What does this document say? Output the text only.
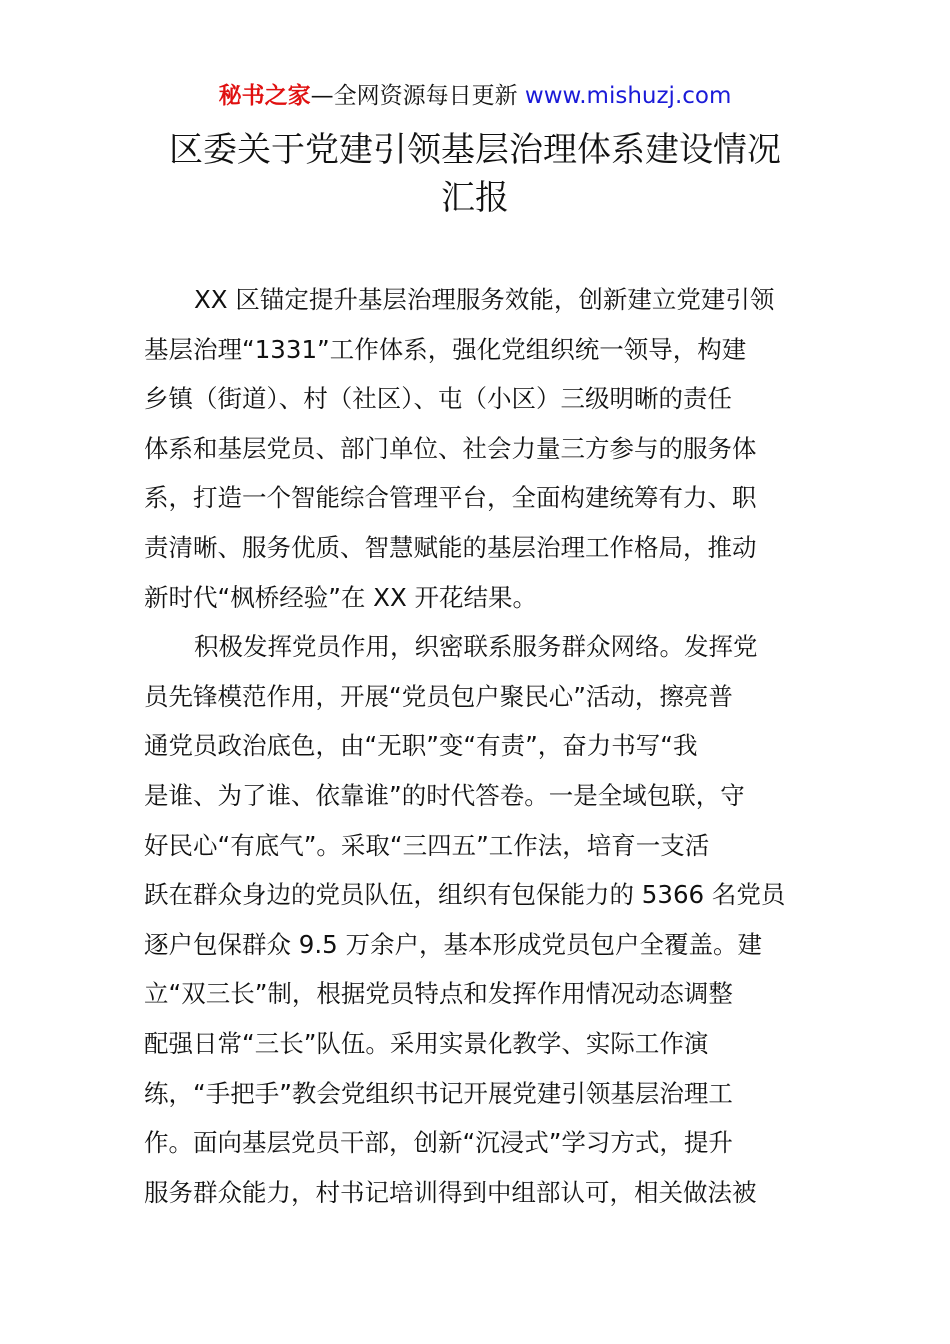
秘书之家—全网资源每日更新 www.mishuzj.com
区委关于党建引领基层治理体系建设情况
汇报

XX 区锚定提升基层治理服务效能，创新建立党建引领
基层治理“1331”工作体系，强化党组织统一领导，构建
乡镇（街道）、村（社区）、屯（小区）三级明晰的责任
体系和基层党员、部门单位、社会力量三方参与的服务体
系，打造一个智能综合管理平台，全面构建统筹有力、职
责清晰、服务优质、智慧赋能的基层治理工作格局，推动
新时代“枫桥经验”在 XX 开花结果。

积极发挥党员作用，织密联系服务群众网络。发挥党
员先锋模范作用，开展“党员包户聚民心”活动，擦亮普
通党员政治底色，由“无职”变“有责”，奋力书写“我
是谁、为了谁、依靠谁”的时代答卷。一是全域包联，守
好民心“有底气”。采取“三四五”工作法，培育一支活
跃在群众身边的党员队伍，组织有包保能力的 5366 名党员
逐户包保群众 9.5 万余户，基本形成党员包户全覆盖。建
立“双三长”制，根据党员特点和发挥作用情况动态调整
配强日常“三长”队伍。采用实景化教学、实际工作演
练，“手把手”教会党组织书记开展党建引领基层治理工
作。面向基层党员干部，创新“沉浸式”学习方式，提升
服务群众能力，村书记培训得到中组部认可，相关做法被
